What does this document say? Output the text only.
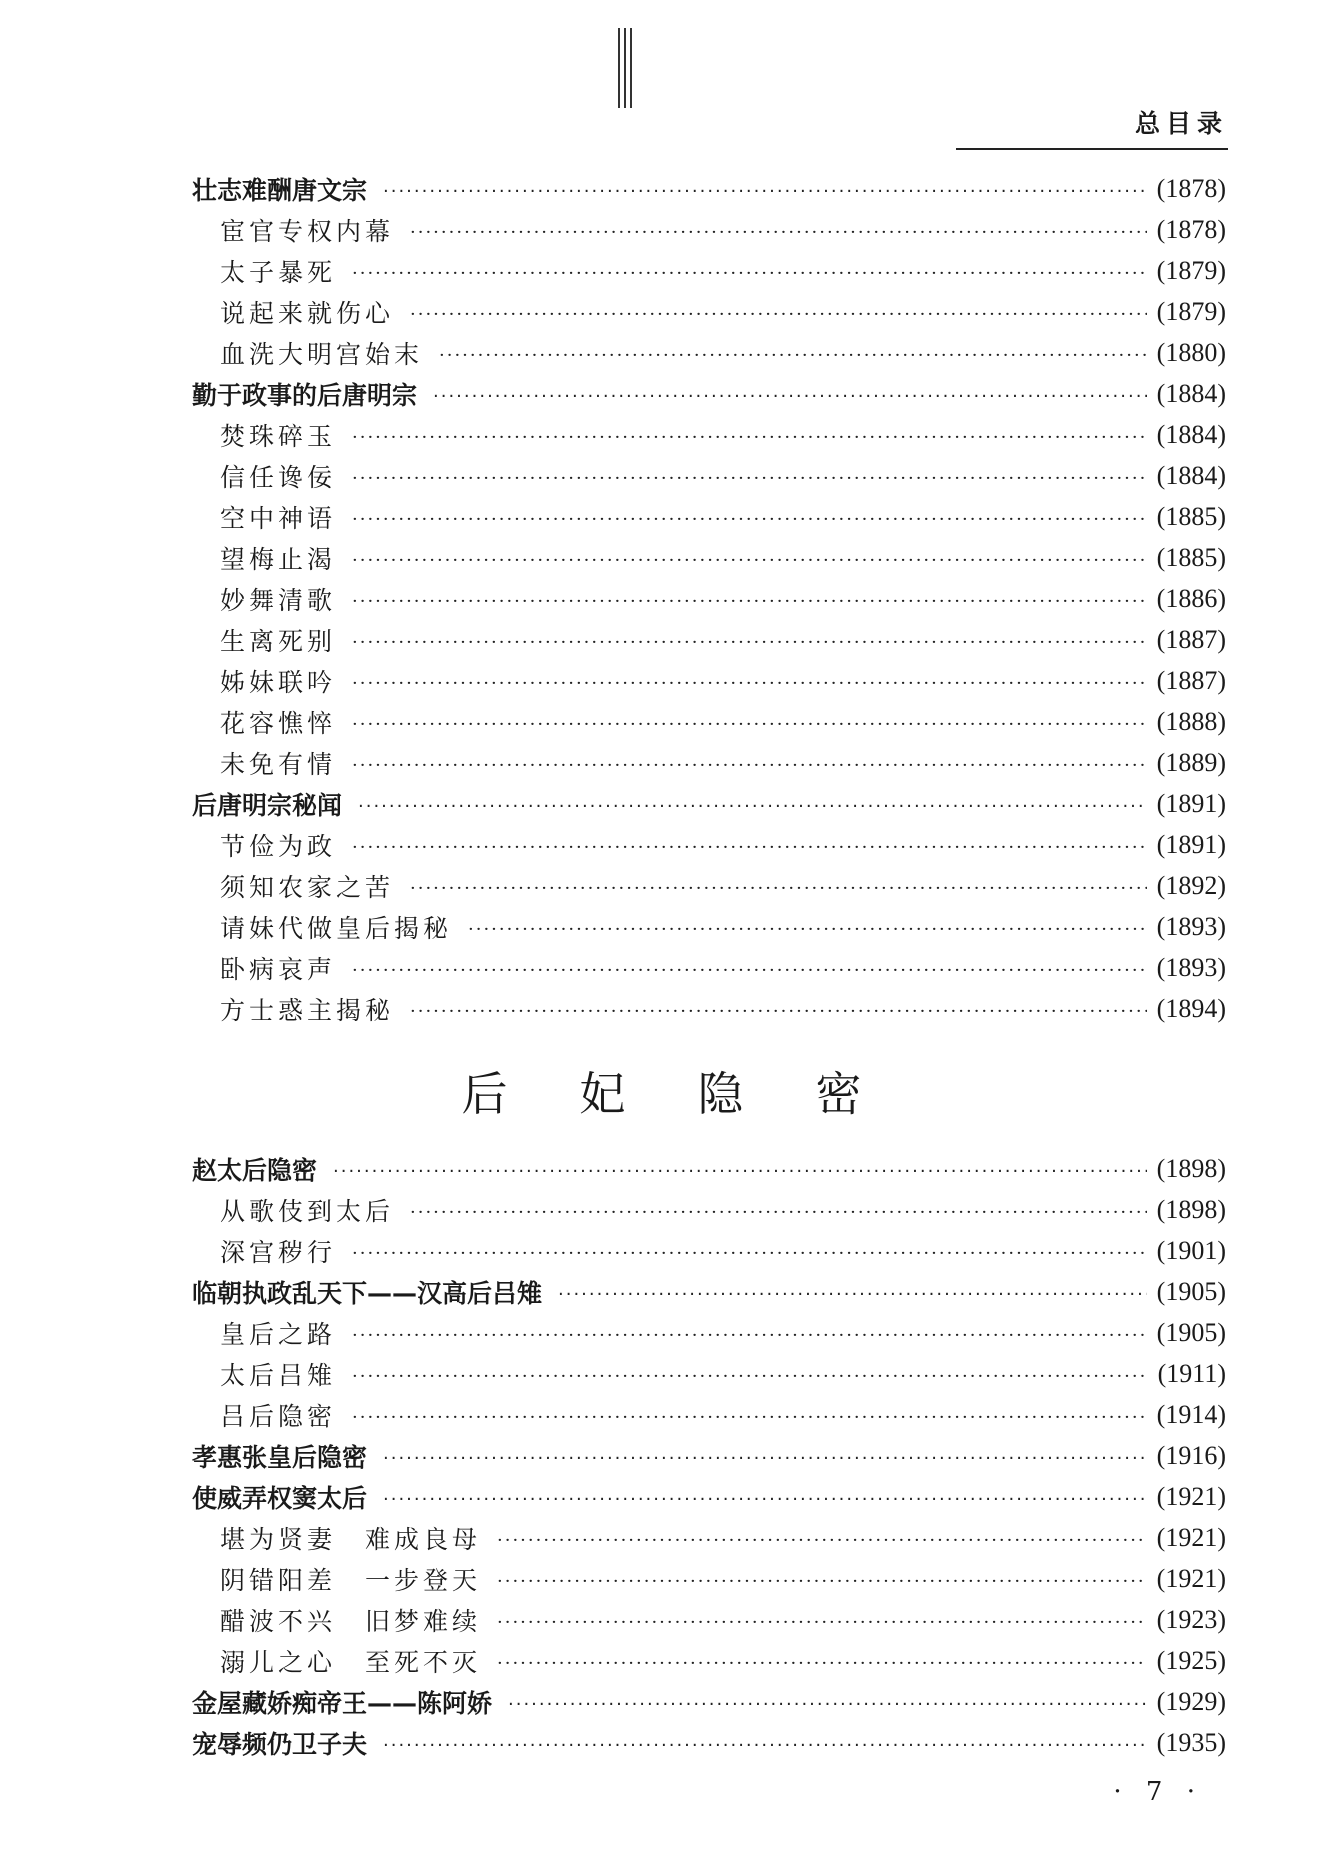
总目录
壮志难酬唐文宗 ·····	(1878)
宦官专权内幕 ·····	(1878)
太子暴死 ·····	(1879)
说起来就伤心 ·····	(1879)
血洗大明宫始末 ·····	(1880)
勤于政事的后唐明宗 ·····	(1884)
焚珠碎玉 ·····	(1884)
信任谗佞 ·····	(1884)
空中神语 ·····	(1885)
望梅止渴 ·····	(1885)
妙舞清歌 ·····	(1886)
生离死别 ·····	(1887)
姊妹联吟 ·····	(1887)
花容憔悴 ·····	(1888)
未免有情 ·····	(1889)
后唐明宗秘闻 ·····	(1891)
节俭为政 ·····	(1891)
须知农家之苦 ·····	(1892)
请妹代做皇后揭秘 ·····	(1893)
卧病哀声 ·····	(1893)
方士惑主揭秘 ·····	(1894)
后妃隐密
赵太后隐密 ·····	(1898)
从歌伎到太后 ·····	(1898)
深宫秽行 ·····	(1901)
临朝执政乱天下——汉高后吕雉 ·····	(1905)
皇后之路 ·····	(1905)
太后吕雉 ·····	(1911)
吕后隐密 ·····	(1914)
孝惠张皇后隐密 ·····	(1916)
使威弄权窦太后 ·····	(1921)
堪为贤妻　难成良母 ·····	(1921)
阴错阳差　一步登天 ·····	(1921)
醋波不兴　旧梦难续 ·····	(1923)
溺儿之心　至死不灭 ·····	(1925)
金屋藏娇痴帝王——陈阿娇 ·····	(1929)
宠辱频仍卫子夫 ·····	(1935)
· 7 ·
